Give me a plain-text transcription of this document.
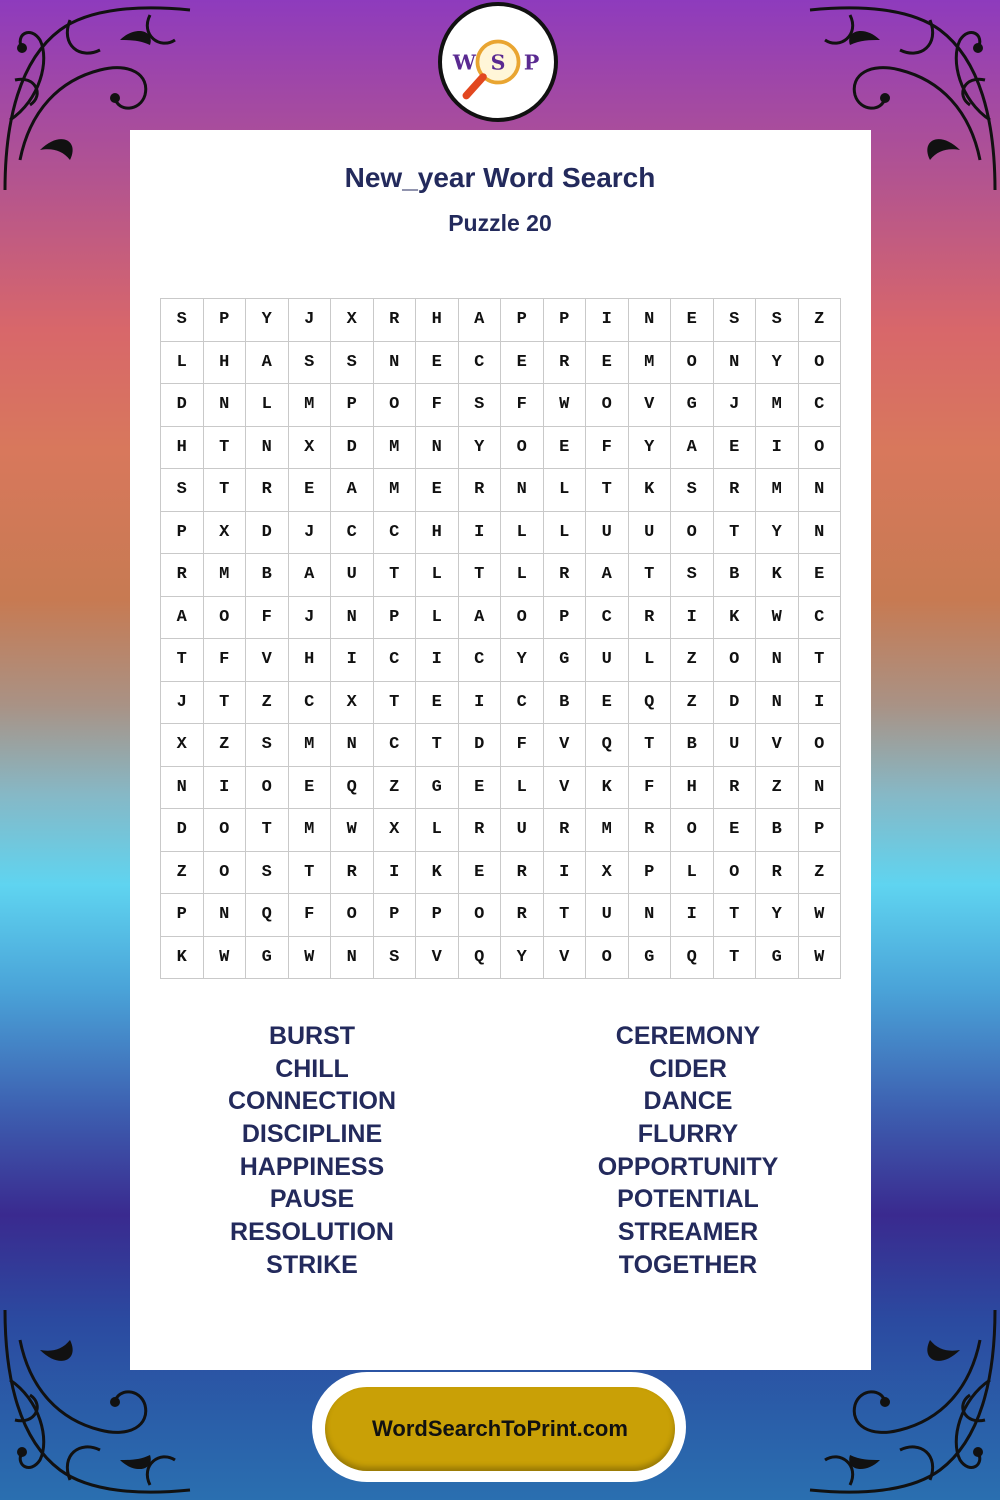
W S P
New_year Word Search
Puzzle 20
S	P	Y	J	X	R	H	A	P	P	I	N	E	S	S	Z
L	H	A	S	S	N	E	C	E	R	E	M	O	N	Y	O
D	N	L	M	P	O	F	S	F	W	O	V	G	J	M	C
H	T	N	X	D	M	N	Y	O	E	F	Y	A	E	I	O
S	T	R	E	A	M	E	R	N	L	T	K	S	R	M	N
P	X	D	J	C	C	H	I	L	L	U	U	O	T	Y	N
R	M	B	A	U	T	L	T	L	R	A	T	S	B	K	E
A	O	F	J	N	P	L	A	O	P	C	R	I	K	W	C
T	F	V	H	I	C	I	C	Y	G	U	L	Z	O	N	T
J	T	Z	C	X	T	E	I	C	B	E	Q	Z	D	N	I
X	Z	S	M	N	C	T	D	F	V	Q	T	B	U	V	O
N	I	O	E	Q	Z	G	E	L	V	K	F	H	R	Z	N
D	O	T	M	W	X	L	R	U	R	M	R	O	E	B	P
Z	O	S	T	R	I	K	E	R	I	X	P	L	O	R	Z
P	N	Q	F	O	P	P	O	R	T	U	N	I	T	Y	W
K	W	G	W	N	S	V	Q	Y	V	O	G	Q	T	G	W
BURST
CHILL
CONNECTION
DISCIPLINE
HAPPINESS
PAUSE
RESOLUTION
STRIKE
CEREMONY
CIDER
DANCE
FLURRY
OPPORTUNITY
POTENTIAL
STREAMER
TOGETHER
WordSearchToPrint.com
